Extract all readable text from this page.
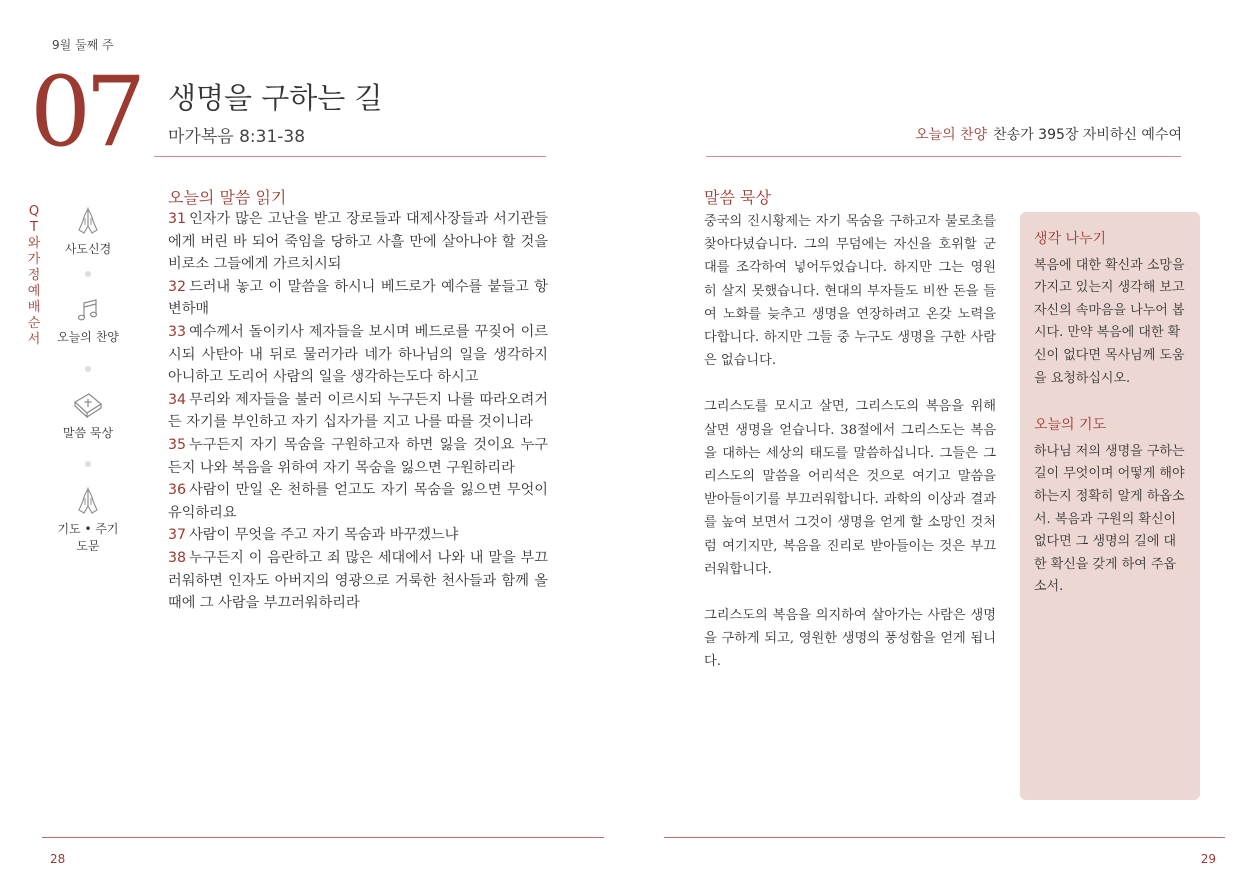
9월 둘째 주
07 생명을 구하는 길
마가복음 8:31-38	오늘의 찬양 찬송가 395장 자비하신 예수여
QT와 가정예배 순서
사도신경
오늘의 찬양
말씀 묵상
기도 • 주기도문
오늘의 말씀 읽기

31 인자가 많은 고난을 받고 장로들과 대제사장들과 서기관들에게 버린 바 되어 죽임을 당하고 사흘 만에 살아나야 할 것을 비로소 그들에게 가르치시되

32 드러내 놓고 이 말씀을 하시니 베드로가 예수를 붙들고 항변하매

33 예수께서 돌이키사 제자들을 보시며 베드로를 꾸짖어 이르시되 사탄아 내 뒤로 물러가라 네가 하나님의 일을 생각하지 아니하고 도리어 사람의 일을 생각하는도다 하시고

34 무리와 제자들을 불러 이르시되 누구든지 나를 따라오려거든 자기를 부인하고 자기 십자가를 지고 나를 따를 것이니라

35 누구든지 자기 목숨을 구원하고자 하면 잃을 것이요 누구든지 나와 복음을 위하여 자기 목숨을 잃으면 구원하리라

36 사람이 만일 온 천하를 얻고도 자기 목숨을 잃으면 무엇이 유익하리요

37 사람이 무엇을 주고 자기 목숨과 바꾸겠느냐

38 누구든지 이 음란하고 죄 많은 세대에서 나와 내 말을 부끄러워하면 인자도 아버지의 영광으로 거룩한 천사들과 함께 올 때에 그 사람을 부끄러워하리라

말씀 묵상

중국의 진시황제는 자기 목숨을 구하고자 불로초를 찾아다녔습니다. 그의 무덤에는 자신을 호위할 군대를 조각하여 넣어두었습니다. 하지만 그는 영원히 살지 못했습니다. 현대의 부자들도 비싼 돈을 들여 노화를 늦추고 생명을 연장하려고 온갖 노력을 다합니다. 하지만 그들 중 누구도 생명을 구한 사람은 없습니다.

그리스도를 모시고 살면, 그리스도의 복음을 위해 살면 생명을 얻습니다. 38절에서 그리스도는 복음을 대하는 세상의 태도를 말씀하십니다. 그들은 그리스도의 말씀을 어리석은 것으로 여기고 말씀을 받아들이기를 부끄러워합니다. 과학의 이상과 결과를 높여 보면서 그것이 생명을 얻게 할 소망인 것처럼 여기지만, 복음을 진리로 받아들이는 것은 부끄러워합니다.

그리스도의 복음을 의지하여 살아가는 사람은 생명을 구하게 되고, 영원한 생명의 풍성함을 얻게 됩니다.

생각 나누기

복음에 대한 확신과 소망을 가지고 있는지 생각해 보고 자신의 속마음을 나누어 봅시다. 만약 복음에 대한 확신이 없다면 목사님께 도움을 요청하십시오.

오늘의 기도

하나님 저의 생명을 구하는 길이 무엇이며 어떻게 해야 하는지 정확히 알게 하옵소서. 복음과 구원의 확신이 없다면 그 생명의 길에 대한 확신을 갖게 하여 주옵소서.

28	29
